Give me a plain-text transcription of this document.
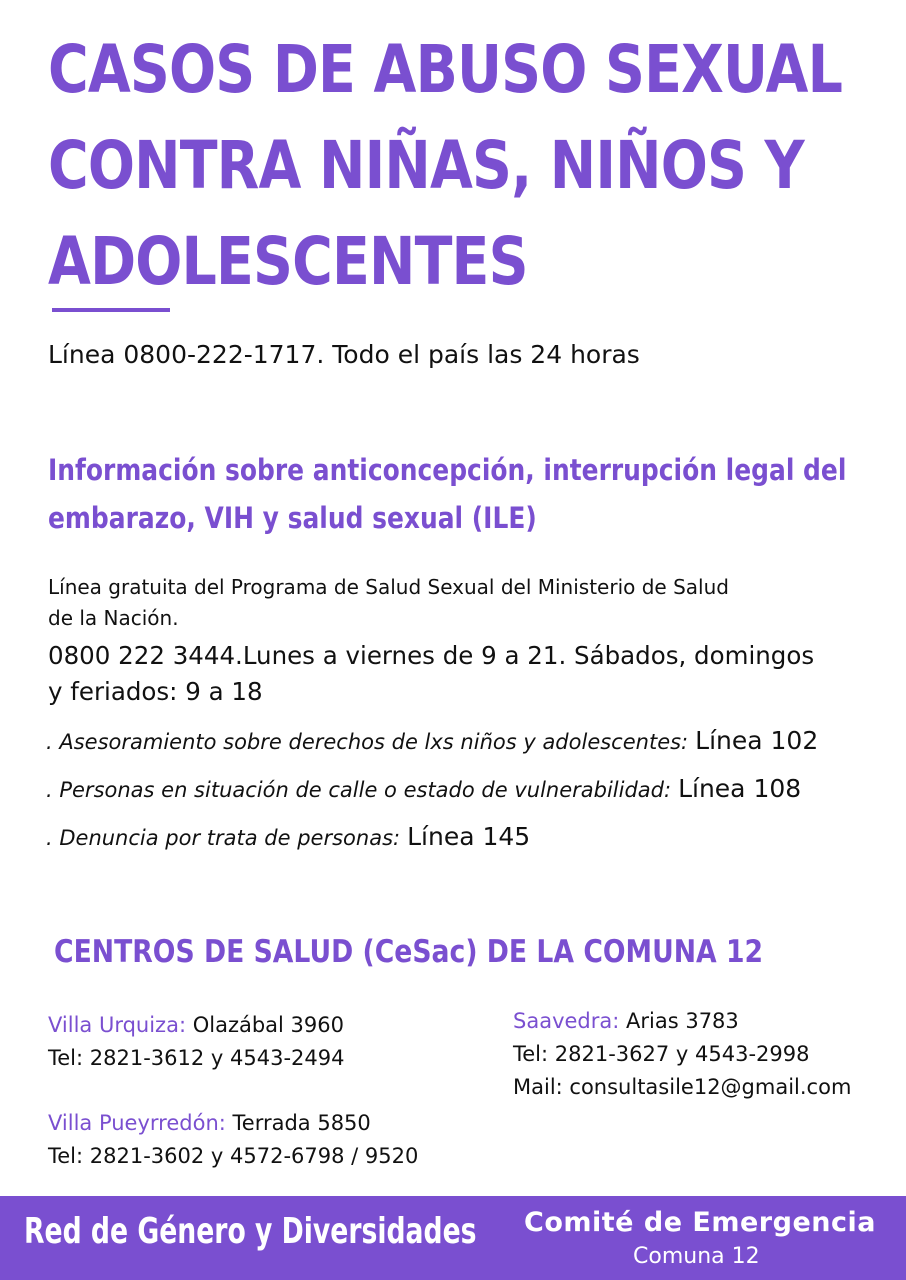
CASOS DE ABUSO SEXUAL
CONTRA NIÑAS, NIÑOS Y
ADOLESCENTES
Línea 0800-222-1717. Todo el país las 24 horas
Información sobre anticoncepción, interrupción legal del
embarazo, VIH y salud sexual (ILE)
Línea gratuita del Programa de Salud Sexual del Ministerio de Salud
de la Nación.
0800 222 3444.Lunes a viernes de 9 a 21. Sábados, domingos
y feriados: 9 a 18
. Asesoramiento sobre derechos de lxs niños y adolescentes: Línea 102
. Personas en situación de calle o estado de vulnerabilidad: Línea 108
. Denuncia por trata de personas: Línea 145
CENTROS DE SALUD (CeSac) DE LA COMUNA 12
Villa Urquiza: Olazábal 3960
Tel: 2821-3612 y 4543-2494
Villa Pueyrredón: Terrada 5850
Tel: 2821-3602 y 4572-6798 / 9520
Saavedra: Arias 3783
Tel: 2821-3627 y 4543-2998
Mail: consultasile12@gmail.com
Red de Género y Diversidades Comité de Emergencia
Comuna 12
